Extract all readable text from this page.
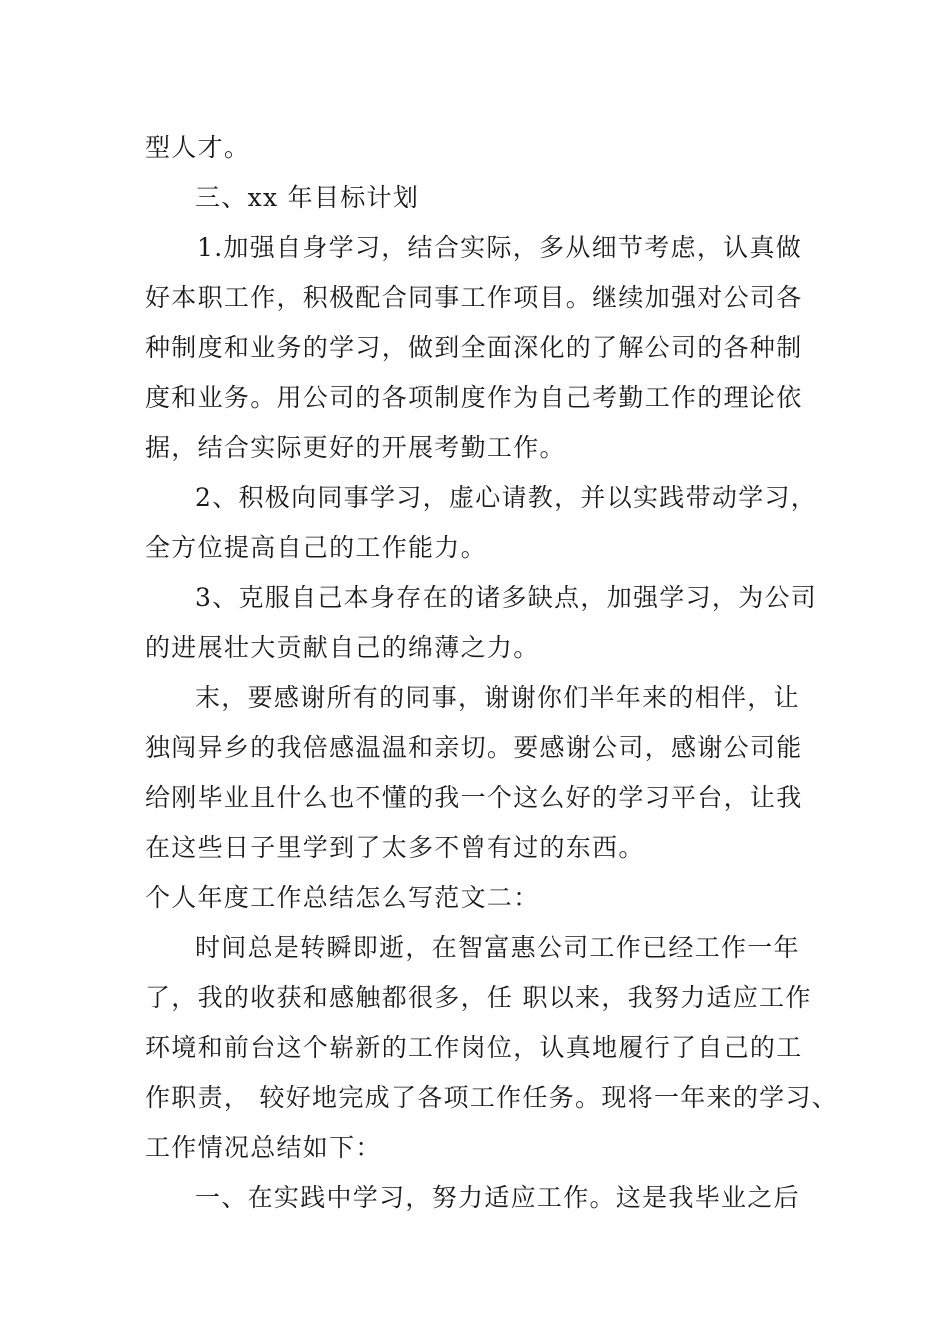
型人才。
三、xx 年目标计划
1.加强自身学习，结合实际，多从细节考虑，认真做
好本职工作，积极配合同事工作项目。继续加强对公司各
种制度和业务的学习，做到全面深化的了解公司的各种制
度和业务。用公司的各项制度作为自己考勤工作的理论依
据，结合实际更好的开展考勤工作。
2、积极向同事学习，虚心请教，并以实践带动学习，
全方位提高自己的工作能力。
3、克服自己本身存在的诸多缺点，加强学习，为公司
的进展壮大贡献自己的绵薄之力。
末，要感谢所有的同事，谢谢你们半年来的相伴，让
独闯异乡的我倍感温温和亲切。要感谢公司，感谢公司能
给刚毕业且什么也不懂的我一个这么好的学习平台，让我
在这些日子里学到了太多不曾有过的东西。
个人年度工作总结怎么写范文二：
时间总是转瞬即逝，在智富惠公司工作已经工作一年
了，我的收获和感触都很多，任 职以来，我努力适应工作
环境和前台这个崭新的工作岗位，认真地履行了自己的工
作职责， 较好地完成了各项工作任务。现将一年来的学习、
工作情况总结如下：
一、在实践中学习，努力适应工作。这是我毕业之后
